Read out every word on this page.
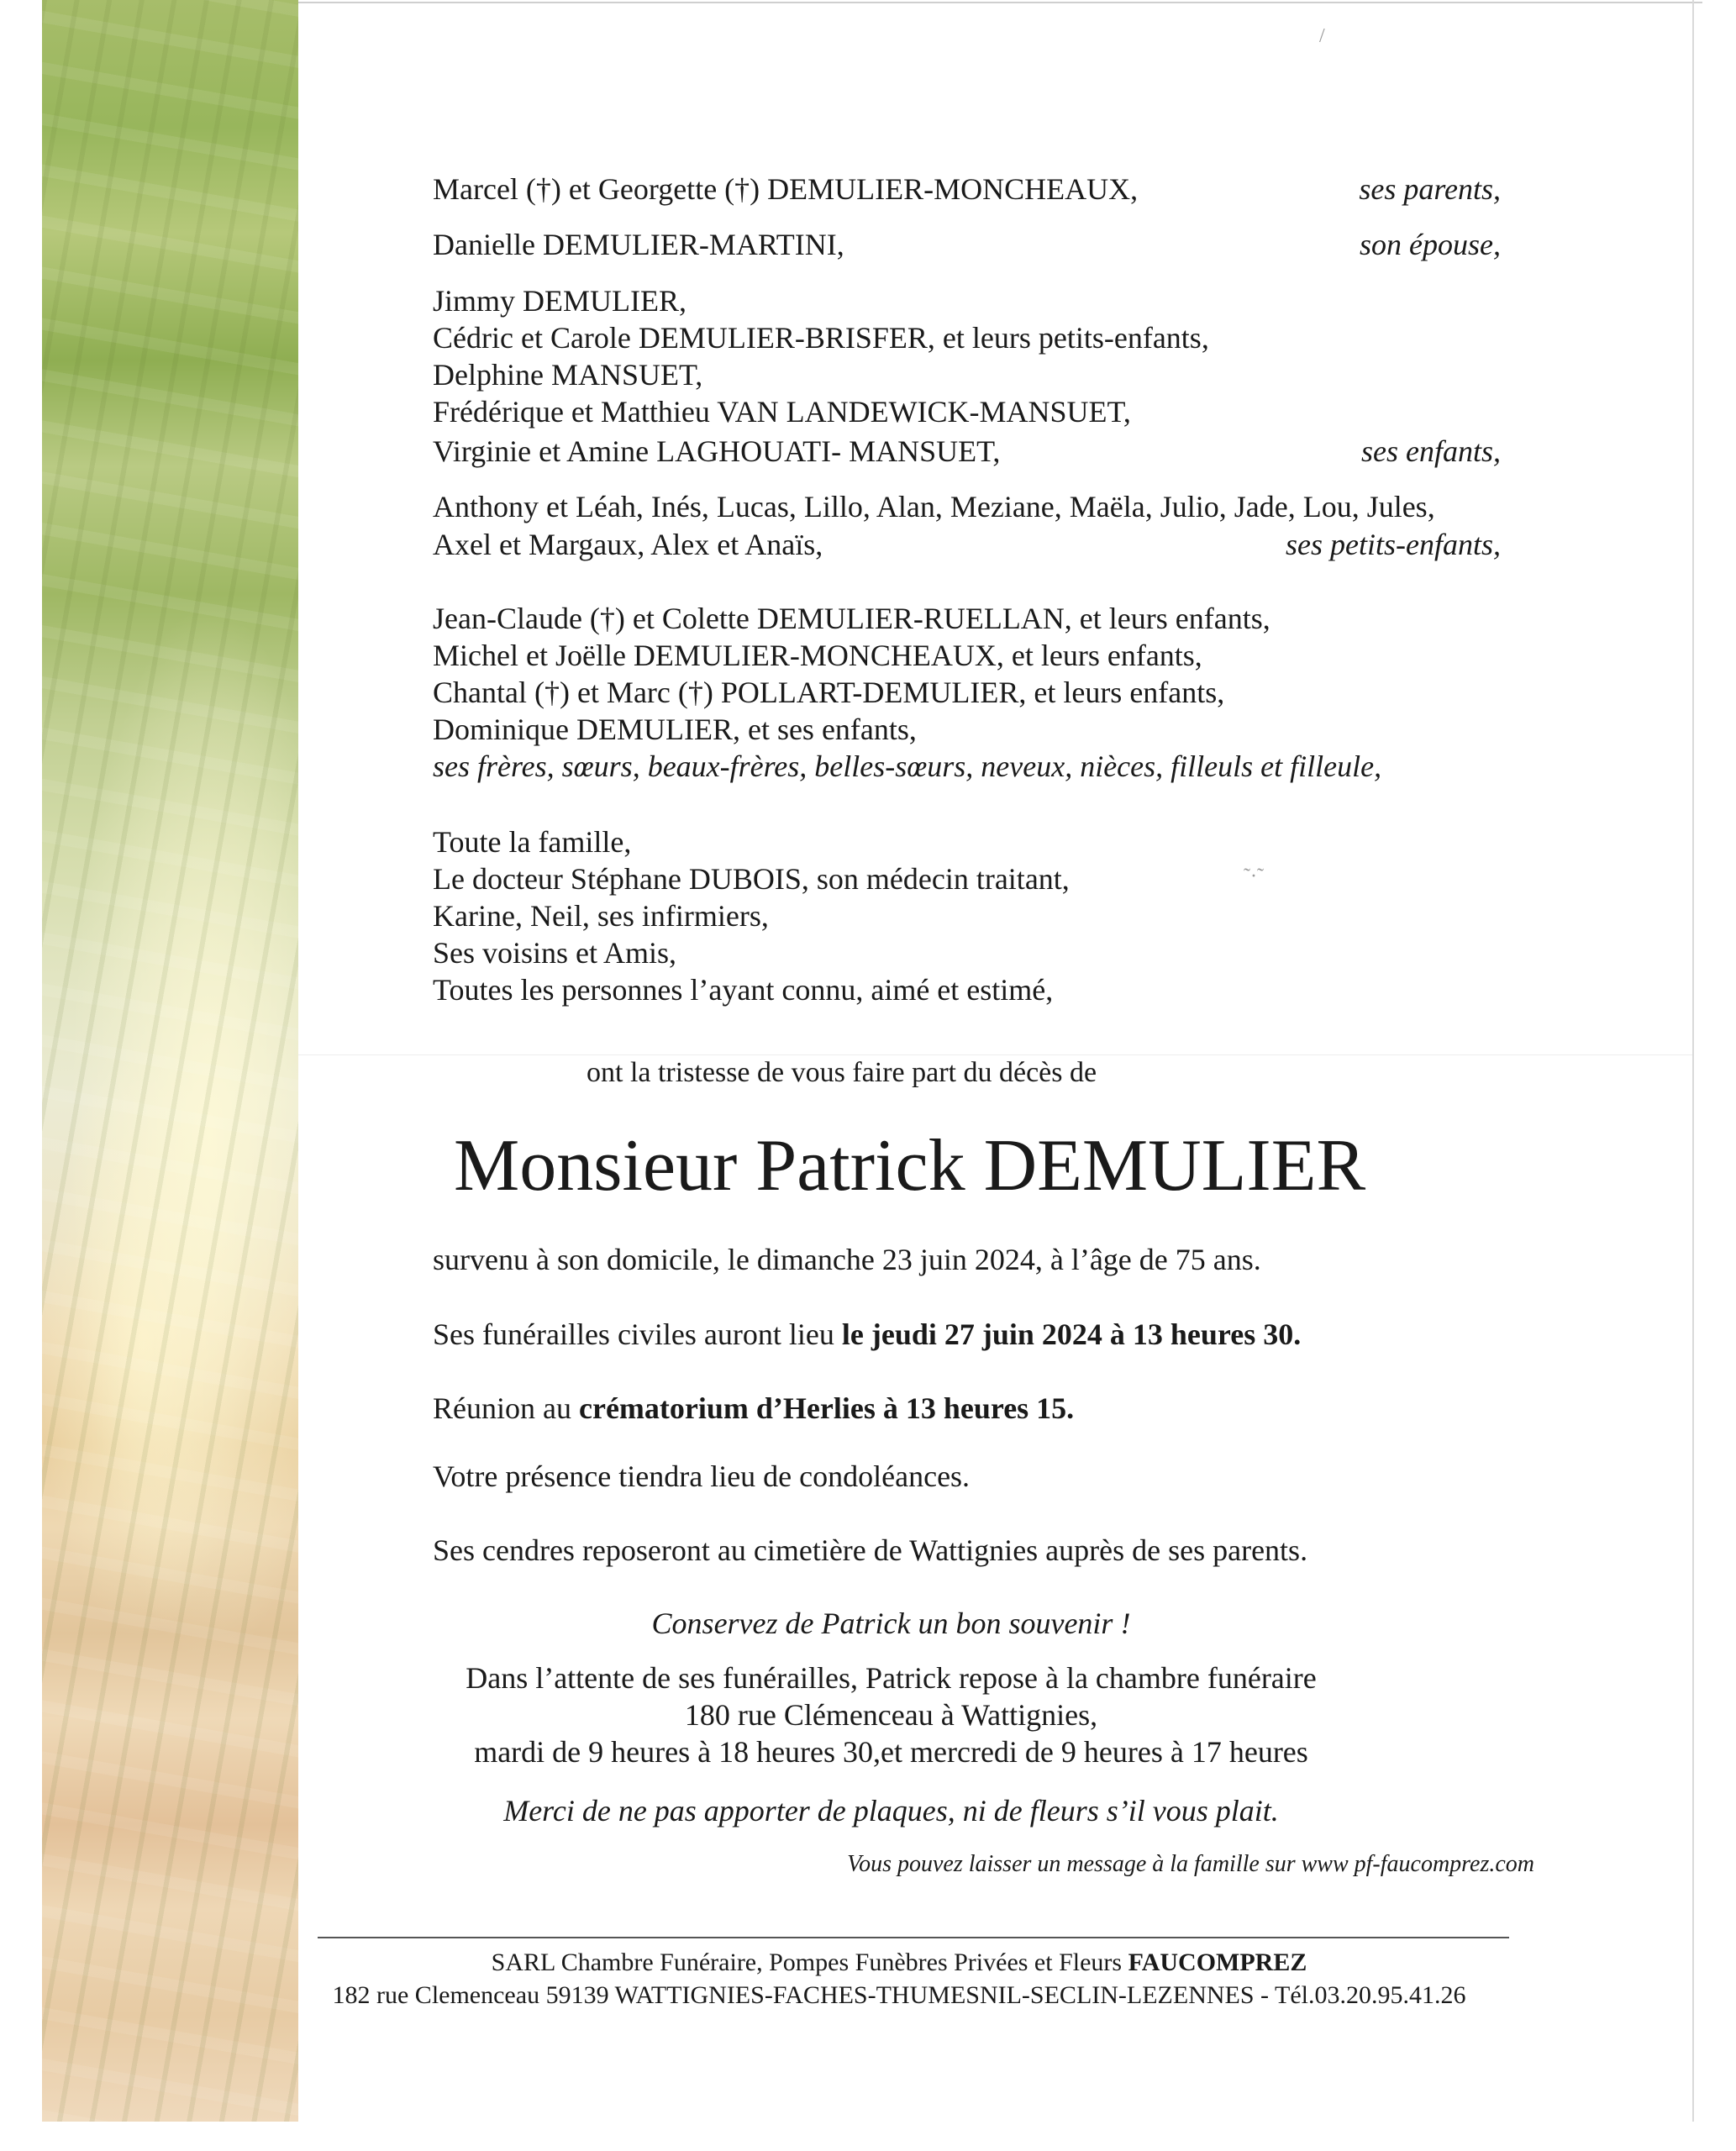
/
Marcel (†) et Georgette (†) DEMULIER-MONCHEAUX,	ses parents,
Danielle DEMULIER-MARTINI,	son épouse,
Jimmy DEMULIER,
Cédric et Carole DEMULIER-BRISFER, et leurs petits-enfants,
Delphine MANSUET,
Frédérique et Matthieu VAN LANDEWICK-MANSUET,
Virginie et Amine LAGHOUATI- MANSUET,	ses enfants,
Anthony et Léah, Inés, Lucas, Lillo, Alan, Meziane, Maëla, Julio, Jade, Lou, Jules,
Axel et Margaux, Alex et Anaïs,	ses petits-enfants,
Jean-Claude (†) et Colette DEMULIER-RUELLAN, et leurs enfants,
Michel et Joëlle DEMULIER-MONCHEAUX, et leurs enfants,
Chantal (†) et Marc (†) POLLART-DEMULIER, et leurs enfants,
Dominique DEMULIER, et ses enfants,
ses frères, sœurs, beaux-frères, belles-sœurs, neveux, nièces, filleuls et filleule,
Toute la famille,
Le docteur Stéphane DUBOIS, son médecin traitant,	˜·˜
Karine, Neil, ses infirmiers,
Ses voisins et Amis,
Toutes les personnes l’ayant connu, aimé et estimé,
ont la tristesse de vous faire part du décès de
Monsieur Patrick DEMULIER
survenu à son domicile, le dimanche 23 juin 2024, à l’âge de 75 ans.
Ses funérailles civiles auront lieu le jeudi 27 juin 2024 à 13 heures 30.
Réunion au crématorium d’Herlies à 13 heures 15.
Votre présence tiendra lieu de condoléances.
Ses cendres reposeront au cimetière de Wattignies auprès de ses parents.
Conservez de Patrick un bon souvenir !
Dans l’attente de ses funérailles, Patrick repose à la chambre funéraire
180 rue Clémenceau à Wattignies,
mardi de 9 heures à 18 heures 30,et mercredi de 9 heures à 17 heures
Merci de ne pas apporter de plaques, ni de fleurs s’il vous plait.
Vous pouvez laisser un message à la famille sur www pf-faucomprez.com
SARL Chambre Funéraire, Pompes Funèbres Privées et Fleurs FAUCOMPREZ
182 rue Clemenceau 59139 WATTIGNIES-FACHES-THUMESNIL-SECLIN-LEZENNES - Tél.03.20.95.41.26
